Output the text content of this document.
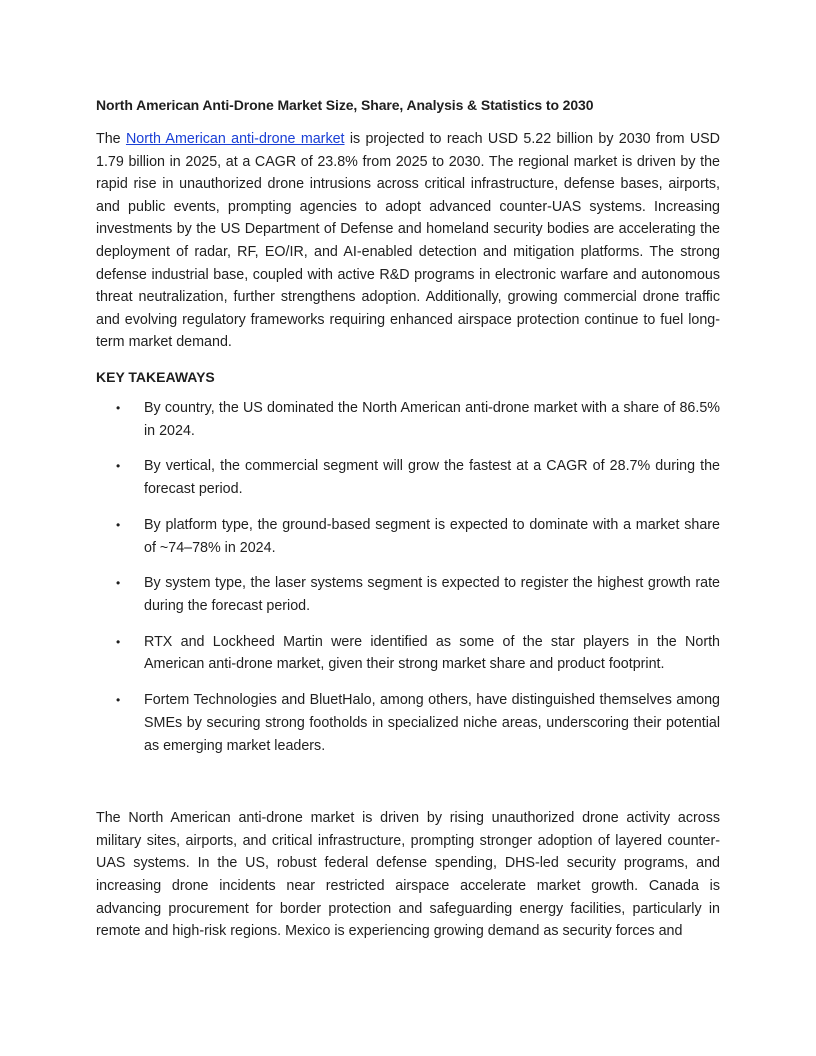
North American Anti-Drone Market Size, Share, Analysis & Statistics to 2030

The North American anti-drone market is projected to reach USD 5.22 billion by 2030 from USD 1.79 billion in 2025, at a CAGR of 23.8% from 2025 to 2030. The regional market is driven by the rapid rise in unauthorized drone intrusions across critical infrastructure, defense bases, airports, and public events, prompting agencies to adopt advanced counter-UAS systems. Increasing investments by the US Department of Defense and homeland security bodies are accelerating the deployment of radar, RF, EO/IR, and AI-enabled detection and mitigation platforms. The strong defense industrial base, coupled with active R&D programs in electronic warfare and autonomous threat neutralization, further strengthens adoption. Additionally, growing commercial drone traffic and evolving regulatory frameworks requiring enhanced airspace protection continue to fuel long-term market demand.

KEY TAKEAWAYS
•	By country, the US dominated the North American anti-drone market with a share of 86.5% in 2024.
•	By vertical, the commercial segment will grow the fastest at a CAGR of 28.7% during the forecast period.
•	By platform type, the ground-based segment is expected to dominate with a market share of ~74–78% in 2024.
•	By system type, the laser systems segment is expected to register the highest growth rate during the forecast period.
•	RTX and Lockheed Martin were identified as some of the star players in the North American anti-drone market, given their strong market share and product footprint.
•	Fortem Technologies and BluetHalo, among others, have distinguished themselves among SMEs by securing strong footholds in specialized niche areas, underscoring their potential as emerging market leaders.

The North American anti-drone market is driven by rising unauthorized drone activity across military sites, airports, and critical infrastructure, prompting stronger adoption of layered counter-UAS systems. In the US, robust federal defense spending, DHS-led security programs, and increasing drone incidents near restricted airspace accelerate market growth. Canada is advancing procurement for border protection and safeguarding energy facilities, particularly in remote and high-risk regions. Mexico is experiencing growing demand as security forces and
